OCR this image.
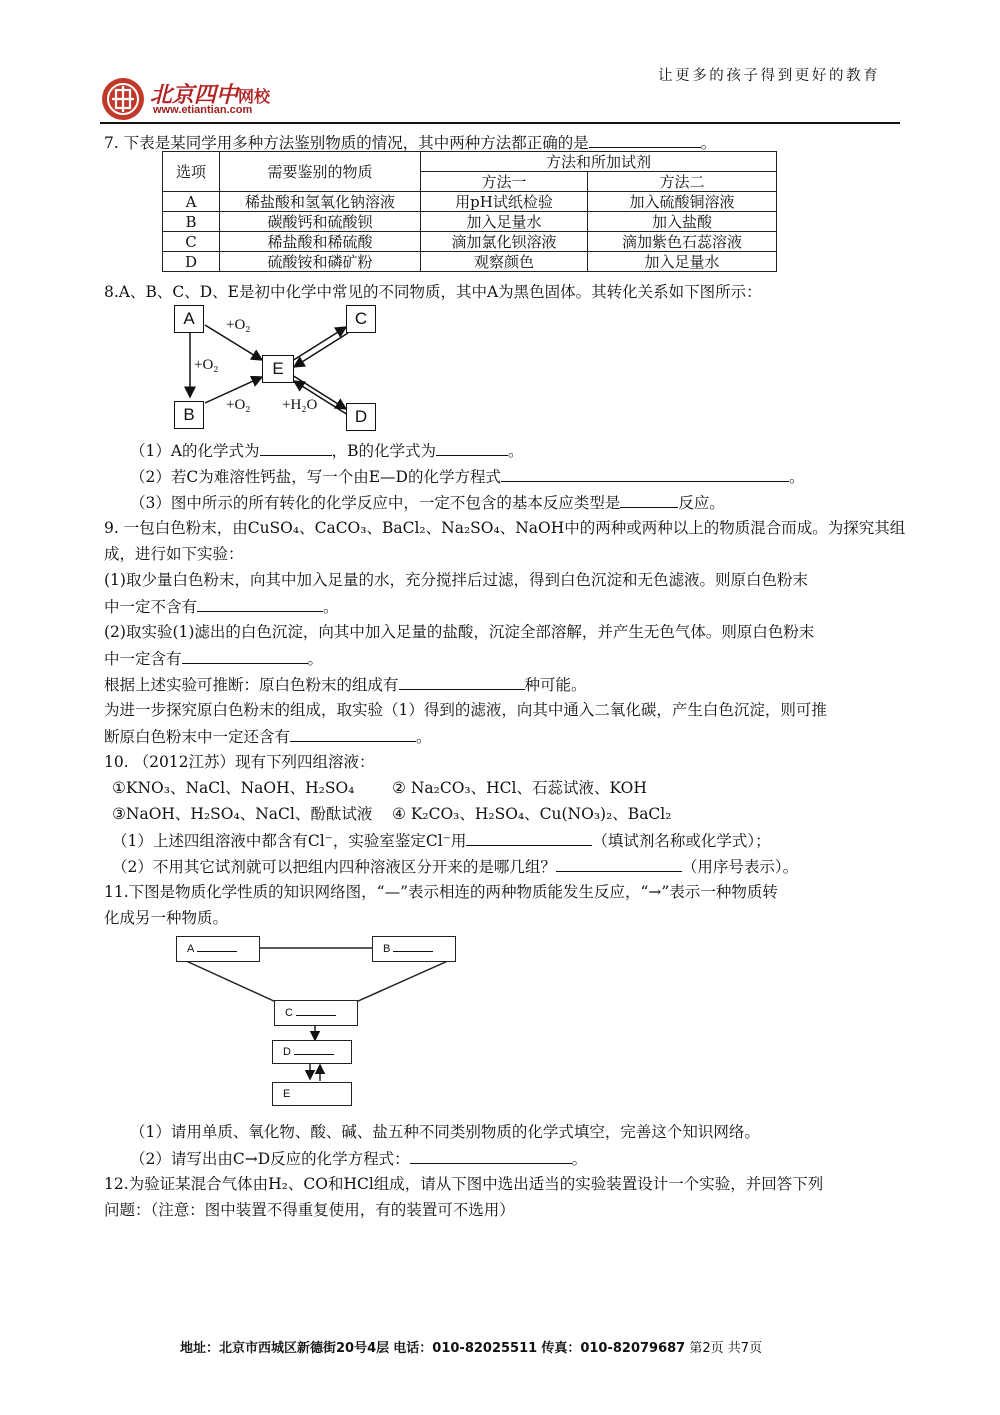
北京四中网校
www.etiantian.com
让更多的孩子得到更好的教育
7. 下表是某同学用多种方法鉴别物质的情况，其中两种方法都正确的是	。
选项	需要鉴别的物质	方法和所加试剂	
		方法一	方法二
A	稀盐酸和氢氧化钠溶液	用pH试纸检验	加入硫酸铜溶液
B	碳酸钙和硫酸钡	加入足量水	加入盐酸
C	稀盐酸和稀硫酸	滴加氯化钡溶液	滴加紫色石蕊溶液
D	硫酸铵和磷矿粉	观察颜色	加入足量水
8.A、B、C、D、E是初中化学中常见的不同物质，其中A为黑色固体。其转化关系如下图所示：
A	C
E
B	D
+O₂
+O₂
+O₂ +H₂O
（1）A的化学式为	，B的化学式为	。
（2）若C为难溶性钙盐，写一个由E—D的化学方程式	。
（3）图中所示的所有转化的化学反应中，一定不包含的基本反应类型是	反应。
9. 一包白色粉末，由CuSO₄、CaCO₃、BaCl₂、Na₂SO₄、NaOH中的两种或两种以上的物质混合而成。为探究其组
成，进行如下实验：
(1)取少量白色粉末，向其中加入足量的水，充分搅拌后过滤，得到白色沉淀和无色滤液。则原白色粉末
中一定不含有	。
(2)取实验(1)滤出的白色沉淀，向其中加入足量的盐酸，沉淀全部溶解，并产生无色气体。则原白色粉末
中一定含有	。
根据上述实验可推断：原白色粉末的组成有	种可能。
为进一步探究原白色粉末的组成，取实验（1）得到的滤液，向其中通入二氧化碳，产生白色沉淀，则可推
断原白色粉末中一定还含有	。
10. （2012江苏）现有下列四组溶液：
①KNO₃、NaCl、NaOH、H₂SO₄ ② Na₂CO₃、HCl、石蕊试液、KOH
③NaOH、H₂SO₄、NaCl、酚酞试液 ④ K₂CO₃、H₂SO₄、Cu(NO₃)₂、BaCl₂
（1）上述四组溶液中都含有Cl⁻，实验室鉴定Cl⁻用	（填试剂名称或化学式）；
（2）不用其它试剂就可以把组内四种溶液区分开来的是哪几组？	（用序号表示）。
11.下图是物质化学性质的知识网络图，“—”表示相连的两种物质能发生反应，“→”表示一种物质转
化成另一种物质。
A	B
C
D
E
（1）请用单质、氧化物、酸、碱、盐五种不同类别物质的化学式填空，完善这个知识网络。
（2）请写出由C→D反应的化学方程式：	。
12.为验证某混合气体由H₂、CO和HCl组成，请从下图中选出适当的实验装置设计一个实验，并回答下列
问题：（注意：图中装置不得重复使用，有的装置可不选用）
地址：北京市西城区新德街20号4层 电话：010-82025511 传真：010-82079687 第2页 共7页
